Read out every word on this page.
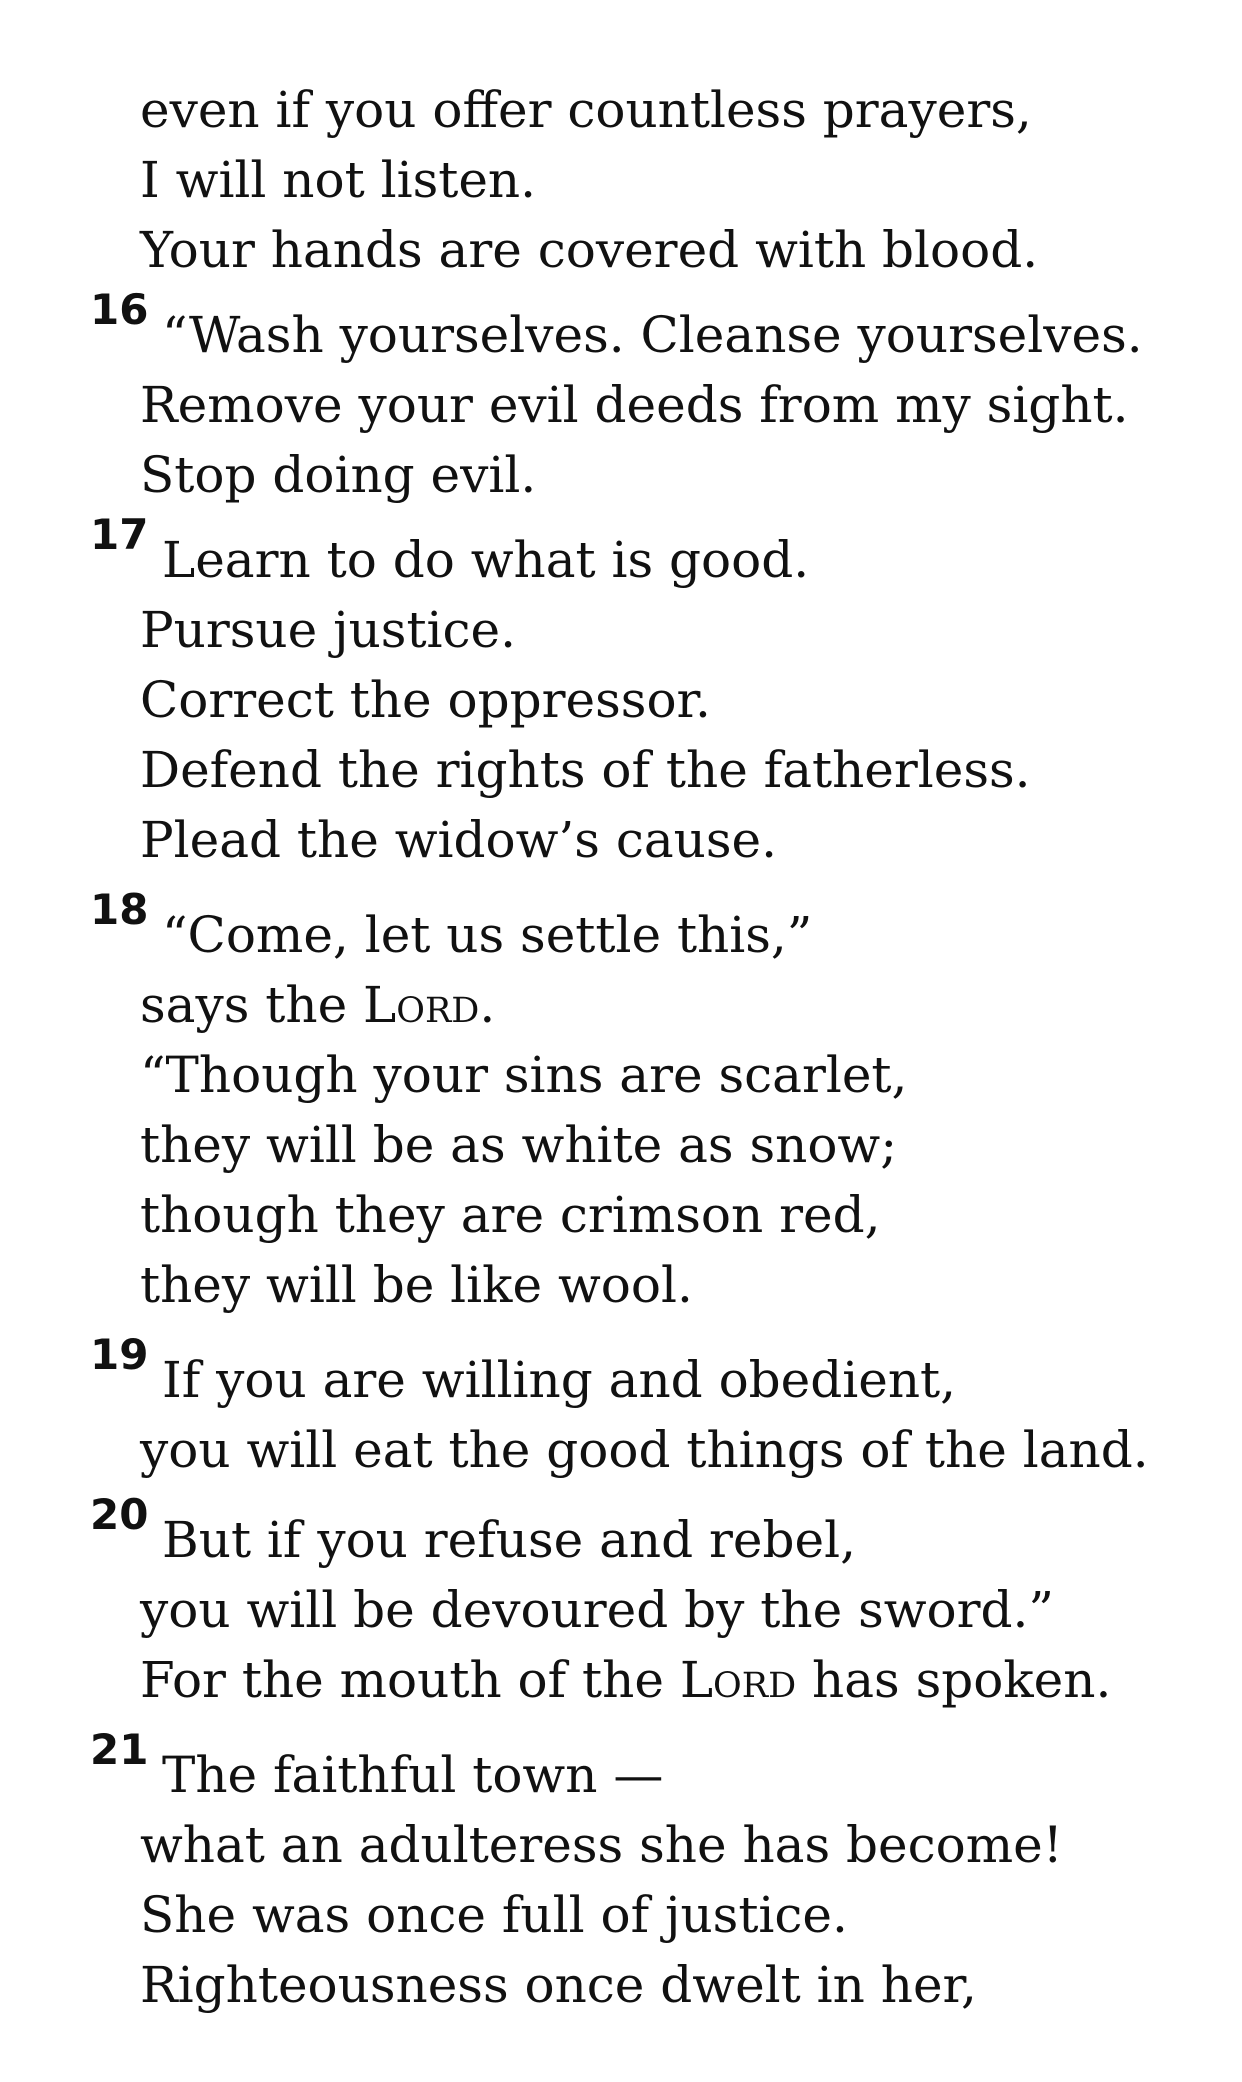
even if you offer countless prayers,
I will not listen.
Your hands are covered with blood.
16 “Wash yourselves. Cleanse yourselves.
Remove your evil deeds from my sight.
Stop doing evil.
17 Learn to do what is good.
Pursue justice.
Correct the oppressor.
Defend the rights of the fatherless.
Plead the widow’s cause.
18 “Come, let us settle this,”
says the Lord.
“Though your sins are scarlet,
they will be as white as snow;
though they are crimson red,
they will be like wool.
19 If you are willing and obedient,
you will eat the good things of the land.
20 But if you refuse and rebel,
you will be devoured by the sword.”
For the mouth of the Lord has spoken.
21 The faithful town —
what an adulteress she has become!
She was once full of justice.
Righteousness once dwelt in her,
